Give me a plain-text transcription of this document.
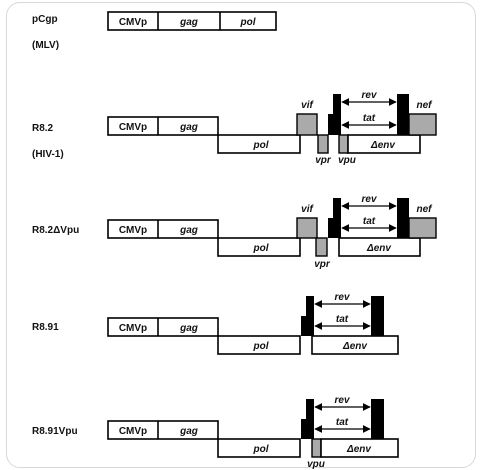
pCgp
(MLV)
CMVp	gag	pol
R8.2
(HIV-1)
CMVp	gag
pol
vif
vpr vpu
Δenv
nef
rev
tat
R8.2ΔVpu	CMVp	gag
pol
vif
vpr
Δenv
nef
rev
tat
R8.91	CMVp	gag
pol	Δenv
rev
tat
R8.91Vpu	CMVp	gag
pol
vpu
Δenv
rev
tat
